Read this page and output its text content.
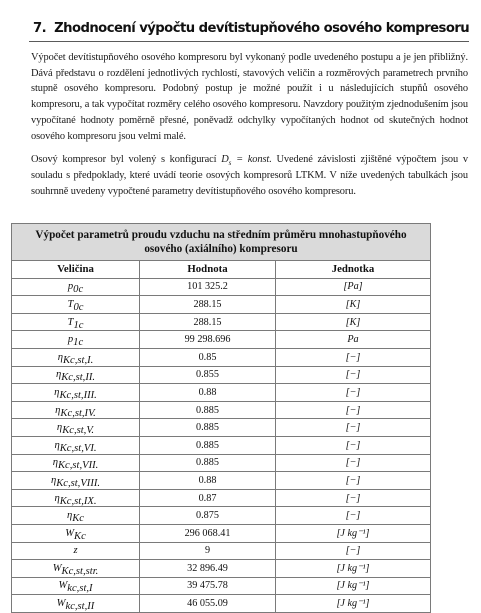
7. Zhodnocení výpočtu devítistupňového osového kompresoru

Výpočet devítistupňového osového kompresoru byl vykonaný podle uvedeného postupu a je jen přibližný. Dává představu o rozdělení jednotlivých rychlostí, stavových veličin a rozměrových parametrech prvního stupně osového kompresoru. Podobný postup je možné použít i u následujících stupňů osového kompresoru, a tak vypočítat rozměry celého osového kompresoru. Navzdory použitým zjednodušením jsou vypočítané hodnoty poměrně přesné, poněvadž odchylky vypočítaných hodnot od skutečných hodnot osového kompresoru jsou velmi malé.

Osový kompresor byl volený s konfigurací $D_s$ = konst. Uvedené závislosti zjištěné výpočtem jsou v souladu s předpoklady, které uvádí teorie osových kompresorů LTKM. V níže uvedených tabulkách jsou souhrnně uvedeny vypočtené parametry devítistupňového osového kompresoru.

Výpočet parametrů proudu vzduchu na středním průměru mnohastupňového osového (axiálního) kompresoru		
Veličina	Hodnota	Jednotka
$p_{0c}$	101 325.2	[Pa]
$T_{0c}$	288.15	[K]
$T_{1c}$	288.15	[K]
$p_{1c}$	99 298.696	Pa
$\eta_{Kc,st,I.}$	0.85	[−]
$\eta_{Kc,st,II.}$	0.855	[−]
$\eta_{Kc,st,III.}$	0.88	[−]
$\eta_{Kc,st,IV.}$	0.885	[−]
$\eta_{Kc,st,V.}$	0.885	[−]
$\eta_{Kc,st,VI.}$	0.885	[−]
$\eta_{Kc,st,VII.}$	0.885	[−]
$\eta_{Kc,st,VIII.}$	0.88	[−]
$\eta_{Kc,st,IX.}$	0.87	[−]
$\eta_{Kc}$	0.875	[−]
$W_{Kc}$	296 068.41	[J kg⁻¹]
z	9	[−]
$W_{Kc,st,str.}$	32 896.49	[J kg⁻¹]
$W_{kc,st,I}$	39 475.78	[J kg⁻¹]
$W_{kc,st,II}$	46 055.09	[J kg⁻¹]
